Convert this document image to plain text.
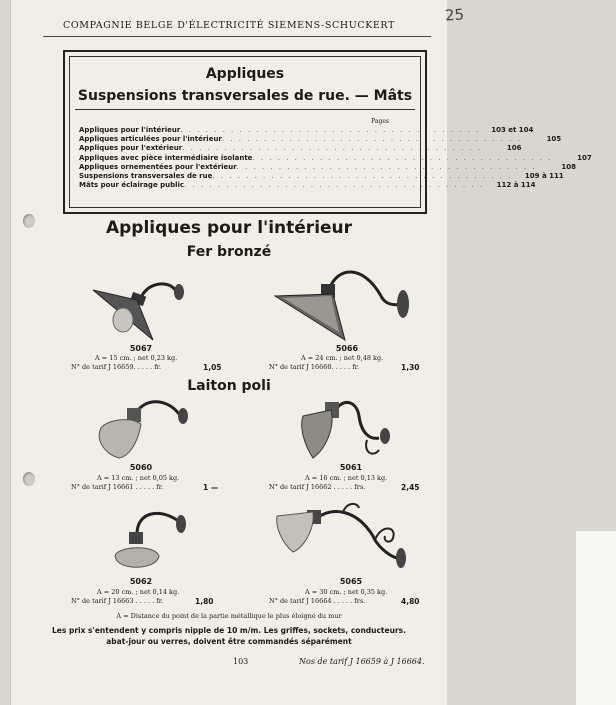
25
COMPAGNIE BELGE D'ÉLECTRICITÉ SIEMENS-SCHUCKERT
Appliques
Suspensions transversales de rue. — Mâts
Pages
Appliques pour l'intérieur . . . . . . . . . . . . . . . . . . . . . . . . . . . . . . . . . . . .	103 et 104
Appliques articulées pour l'intérieur . . . . . . . . . . . . . . . . . . . . . . . . . . . . . . . . . . . .	105
Appliques pour l'extérieur . . . . . . . . . . . . . . . . . . . . . . . . . . . . . . . . . . . .	106
Appliques avec pièce intermédiaire isolante . . . . . . . . . . . . . . . . . . . . . . . . . . . . . . . . . . . .	107
Appliques ornementées pour l'extérieur . . . . . . . . . . . . . . . . . . . . . . . . . . . . . . . . . . . .	108
Suspensions transversales de rue . . . . . . . . . . . . . . . . . . . . . . . . . . . . . . . . . . . .	109 à 111
Mâts pour éclairage public . . . . . . . . . . . . . . . . . . . . . . . . . . . . . . . . . . . .	112 à 114
Appliques pour l'intérieur
Fer bronzé
5067
A = 15 cm. ; net 0,23 kg.
N° de tarif J 16659. . . . . fr.	1,05
5066
A = 24 cm. ; net 0,48 kg.
N° de tarif J 16660. . . . . fr.	1,30
Laiton poli
5060
A = 13 cm. ; net 0,05 kg.
N° de tarif J 16661 . . . . . fr.	1 —
5061
A = 16 cm. ; net 0,13 kg.
N° de tarif J 16662 . . . . . frs.	2,45
5062
A = 20 cm. ; net 0,14 kg.
N° de tarif J 16663 . . . . . fr.	1,80
5065
A = 30 cm. ; net 0,35 kg.
N° de tarif J 16664 . . . . . frs.	4,80
A = Distance du point de la partie métallique le plus éloigné du mur
Les prix s'entendent y compris nipple de 10 m/m. Les griffes, sockets, conducteurs.
abat-jour ou verres, doivent être commandés séparément
103	Nos de tarif J 16659 à J 16664.
